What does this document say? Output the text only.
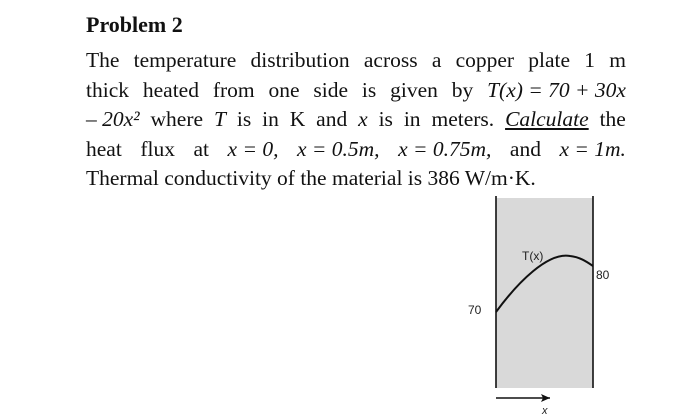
Problem 2
The temperature distribution across a copper plate 1 m
thick heated from one side is given by T(x) = 70 + 30x
– 20x² where T is in K and x is in meters. Calculate the
heat flux at x = 0, x = 0.5m, x = 0.75m, and x = 1m.
Thermal conductivity of the material is 386 W/m·K.
T(x)
70
80
x
